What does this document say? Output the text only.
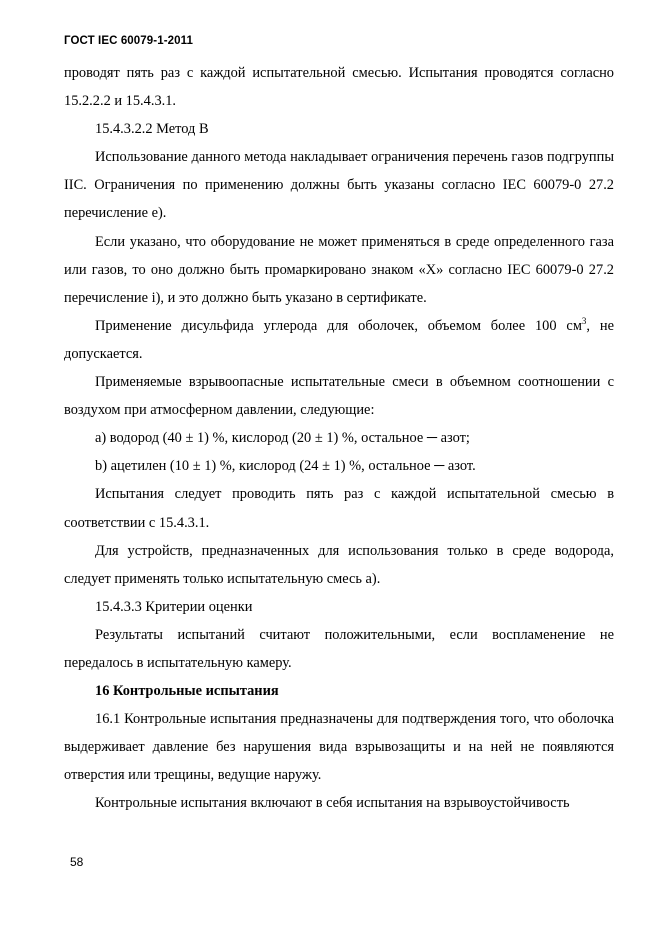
ГОСТ IEC 60079-1-2011

проводят пять раз с каждой испытательной смесью. Испытания проводятся согласно 15.2.2.2 и 15.4.3.1.

15.4.3.2.2 Метод В

Использование данного метода накладывает ограничения перечень газов подгруппы IIC. Ограничения по применению должны быть указаны согласно IEC 60079-0 27.2 перечисление е).

Если указано, что оборудование не может применяться в среде определенного газа или газов, то оно должно быть промаркировано знаком «X» согласно IEC 60079-0 27.2 перечисление i), и это должно быть указано в сертификате.

Применение дисульфида углерода для оболочек, объемом более 100 $см^3$, не допускается.

Применяемые взрывоопасные испытательные смеси в объемном соотношении с воздухом при атмосферном давлении, следующие:

а) водород (40 ± 1) %, кислород (20 ± 1) %, остальное ─ азот;

b) ацетилен (10 ± 1) %, кислород (24 ± 1) %, остальное ─ азот.

Испытания следует проводить пять раз с каждой испытательной смесью в соответствии с 15.4.3.1.

Для устройств, предназначенных для использования только в среде водорода, следует применять только испытательную смесь а).

15.4.3.3 Критерии оценки

Результаты испытаний считают положительными, если воспламенение не передалось в испытательную камеру.

16 Контрольные испытания

16.1 Контрольные испытания предназначены для подтверждения того, что оболочка выдерживает давление без нарушения вида взрывозащиты и на ней не появляются отверстия или трещины, ведущие наружу.

Контрольные испытания включают в себя испытания на взрывоустойчивость

58
